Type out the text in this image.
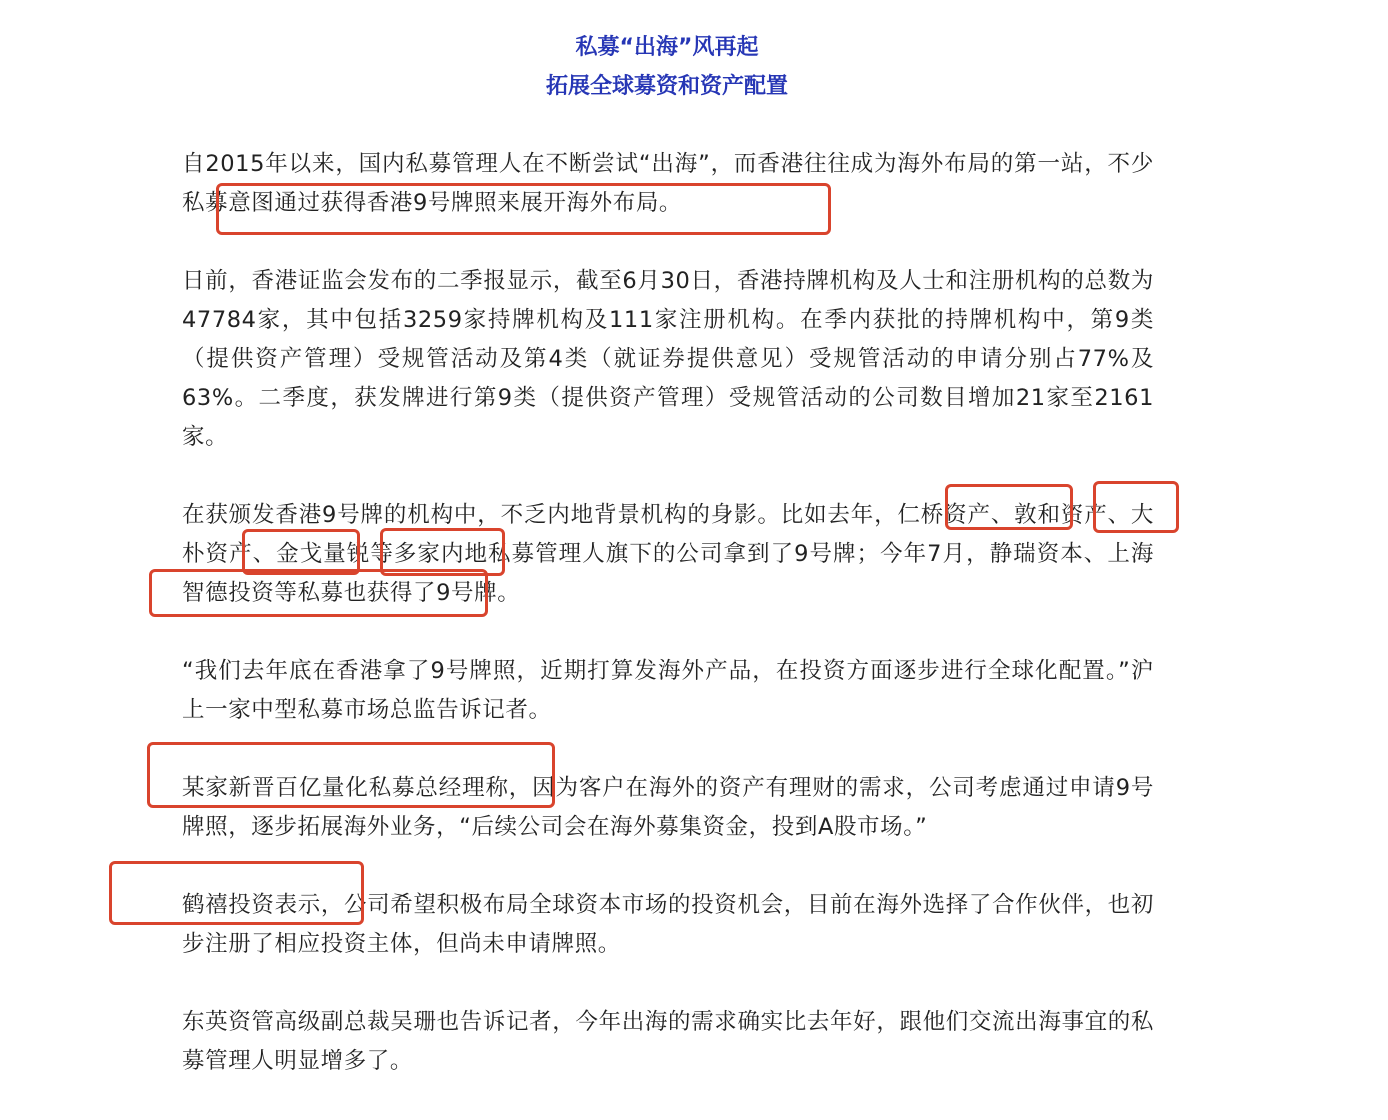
私募“出海”风再起
拓展全球募资和资产配置

自2015年以来，国内私募管理人在不断尝试“出海”，而香港往往成为海外布局的第一站，不少私募意图通过获得香港9号牌照来展开海外布局。

日前，香港证监会发布的二季报显示，截至6月30日，香港持牌机构及人士和注册机构的总数为47784家，其中包括3259家持牌机构及111家注册机构。在季内获批的持牌机构中，第9类（提供资产管理）受规管活动及第4类（就证券提供意见）受规管活动的申请分别占77%及63%。二季度，获发牌进行第9类（提供资产管理）受规管活动的公司数目增加21家至2161家。

在获颁发香港9号牌的机构中，不乏内地背景机构的身影。比如去年，仁桥资产、敦和资产、大朴资产、金戈量锐等多家内地私募管理人旗下的公司拿到了9号牌；今年7月，静瑞资本、上海智德投资等私募也获得了9号牌。

“我们去年底在香港拿了9号牌照，近期打算发海外产品，在投资方面逐步进行全球化配置。”沪上一家中型私募市场总监告诉记者。

某家新晋百亿量化私募总经理称，因为客户在海外的资产有理财的需求，公司考虑通过申请9号牌照，逐步拓展海外业务，“后续公司会在海外募集资金，投到A股市场。”

鹤禧投资表示，公司希望积极布局全球资本市场的投资机会，目前在海外选择了合作伙伴，也初步注册了相应投资主体，但尚未申请牌照。

东英资管高级副总裁吴珊也告诉记者，今年出海的需求确实比去年好，跟他们交流出海事宜的私募管理人明显增多了。
